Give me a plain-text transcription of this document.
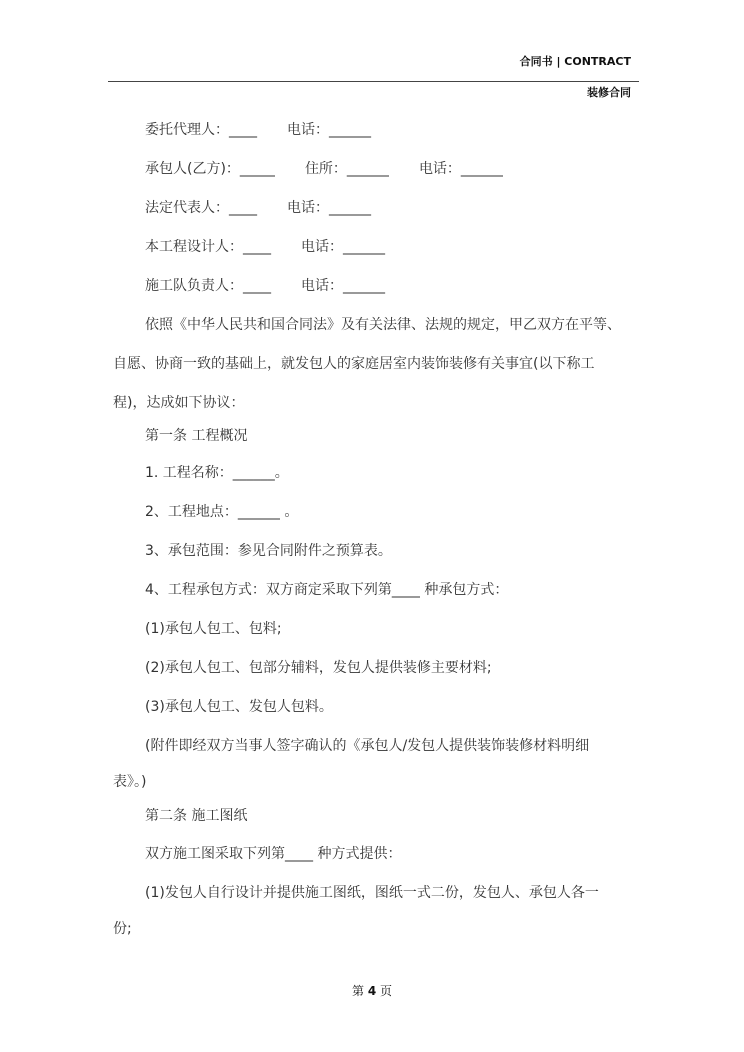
合同书 | CONTRACT
装修合同
委托代理人：____ 电话：______
承包人(乙方)：_____ 住所：______ 电话：______
法定代表人：____ 电话：______
本工程设计人：____ 电话：______
施工队负责人：____ 电话：______
依照《中华人民共和国合同法》及有关法律、法规的规定，甲乙双方在平等、
自愿、协商一致的基础上，就发包人的家庭居室内装饰装修有关事宜(以下称工
程)，达成如下协议：
第一条 工程概况
1. 工程名称：______。
2、工程地点：______ 。
3、承包范围：参见合同附件之预算表。
4、工程承包方式：双方商定采取下列第____ 种承包方式：
(1)承包人包工、包料;
(2)承包人包工、包部分辅料，发包人提供装修主要材料;
(3)承包人包工、发包人包料。
(附件即经双方当事人签字确认的《承包人/发包人提供装饰装修材料明细
表》。)
第二条 施工图纸
双方施工图采取下列第____ 种方式提供：
(1)发包人自行设计并提供施工图纸，图纸一式二份，发包人、承包人各一
份;
第 4 页
